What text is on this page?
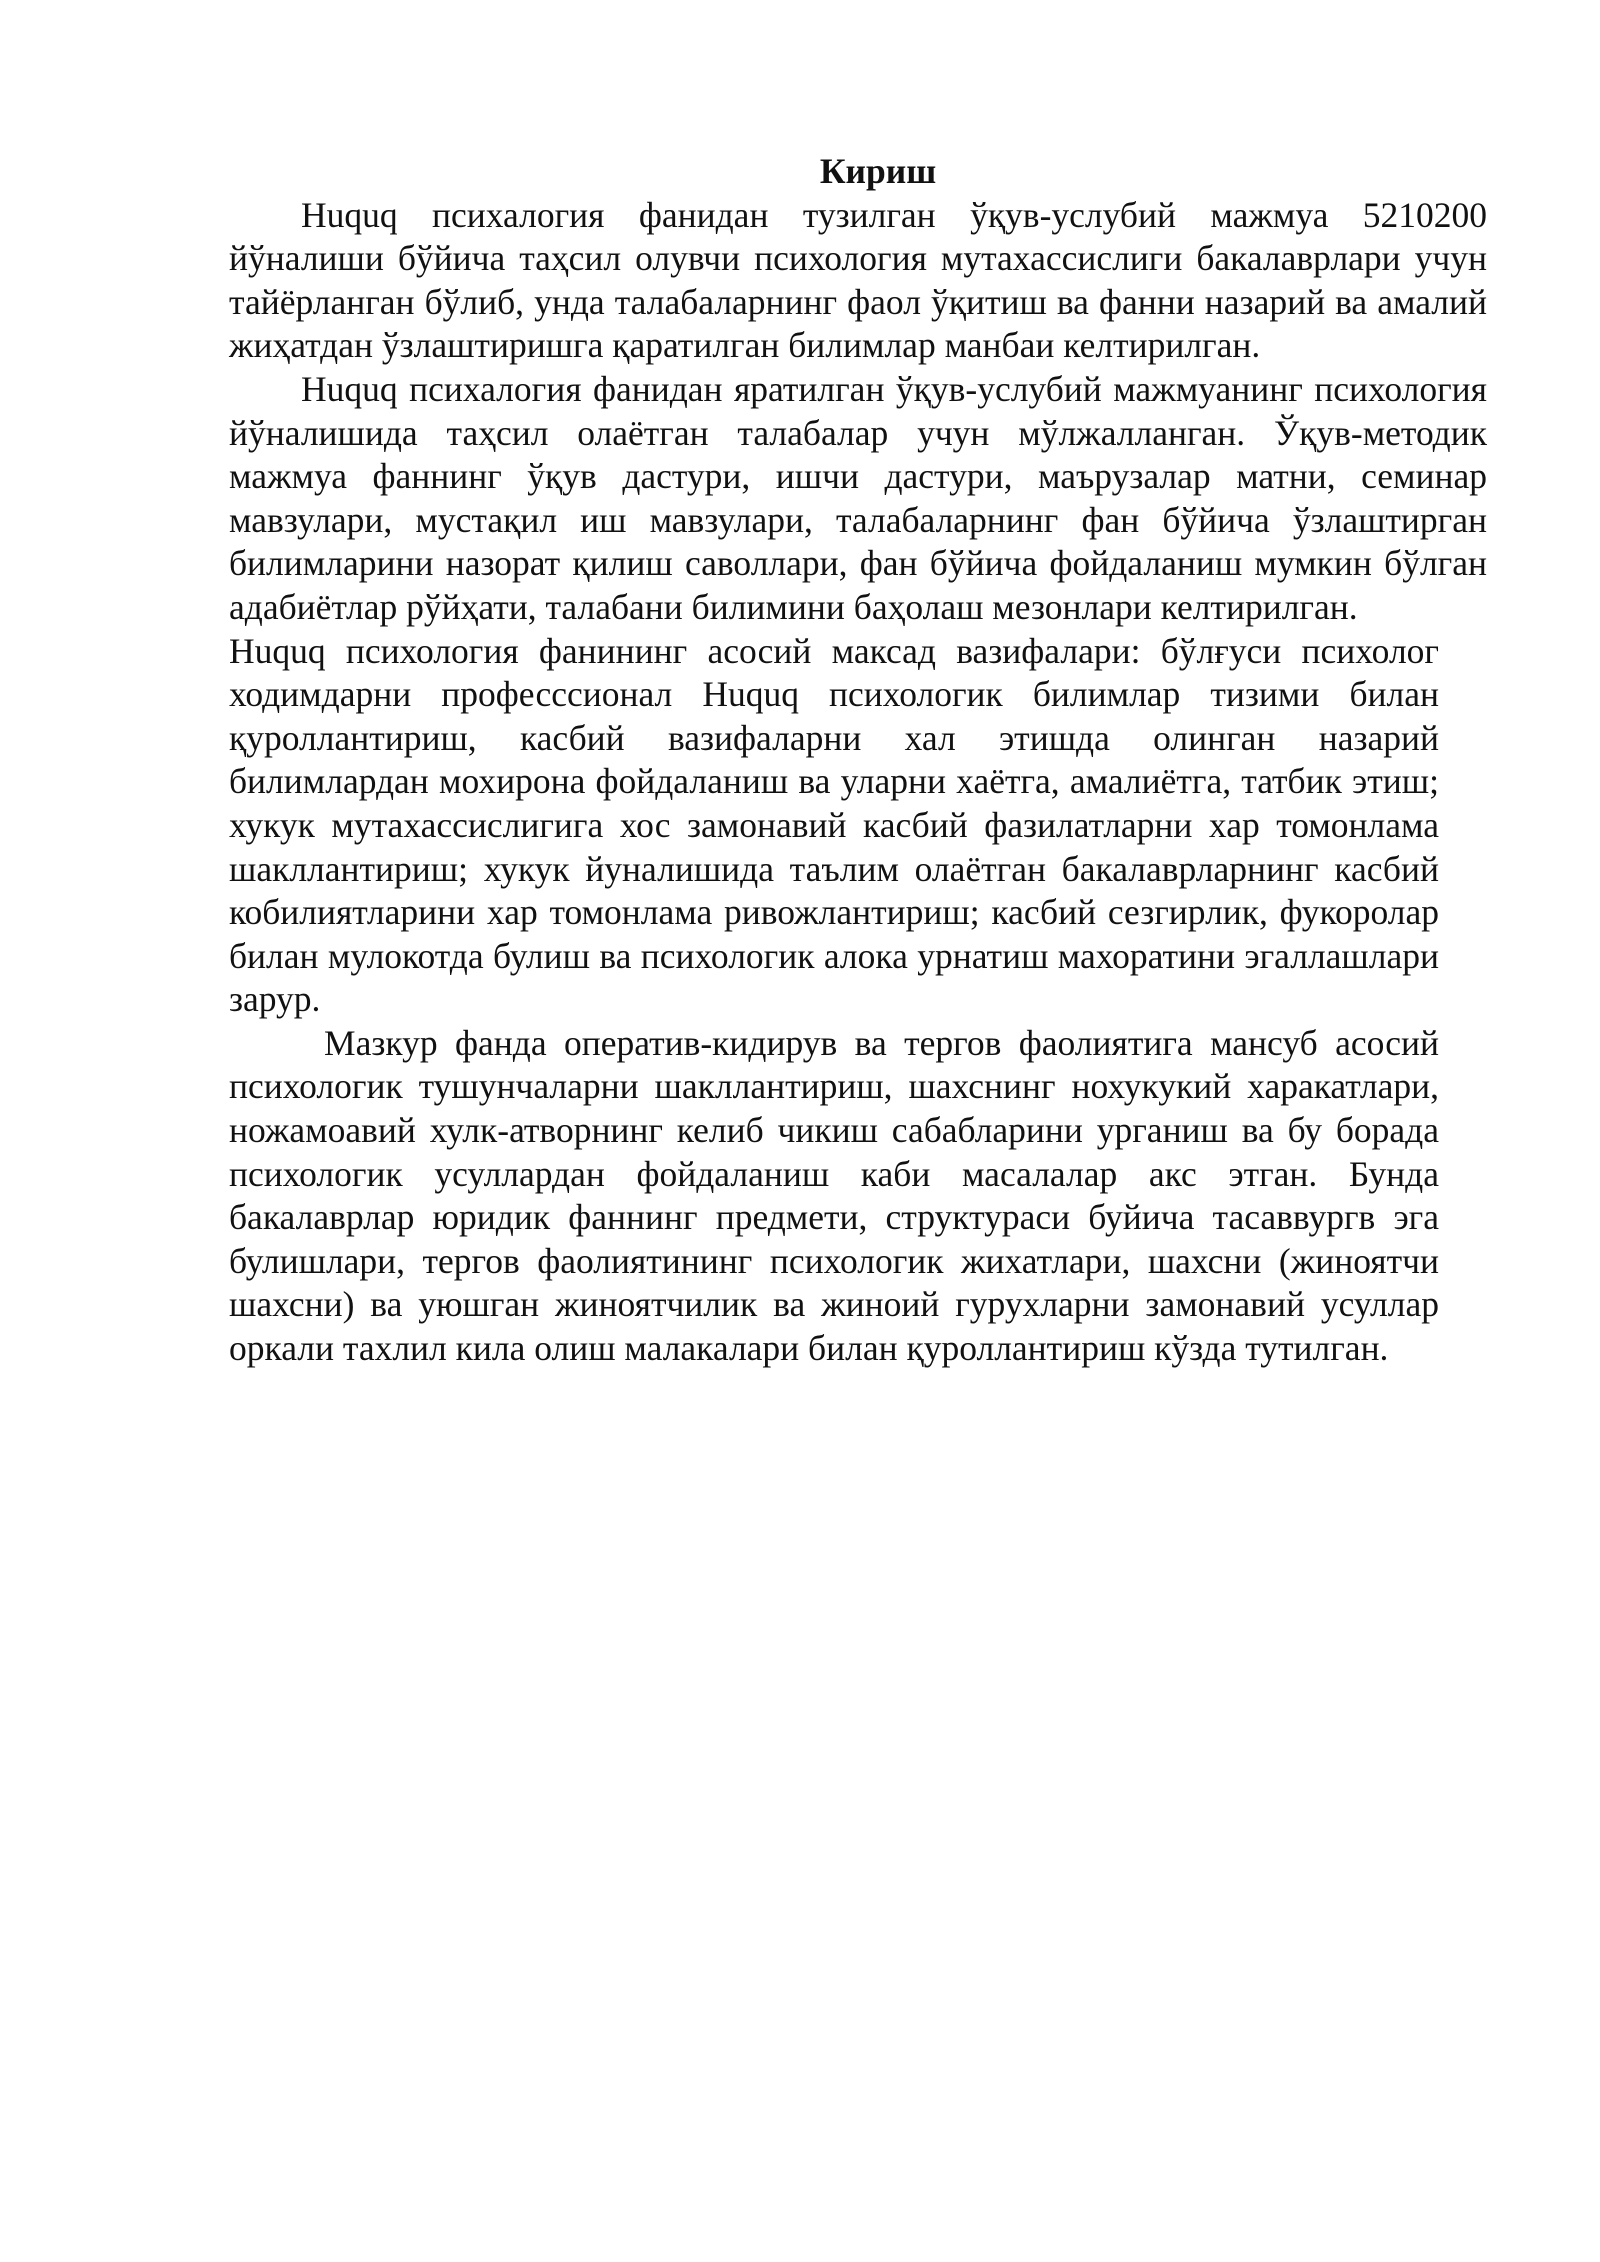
Кириш

Huquq психалогия фанидан тузилган ўқув-услубий мажмуа 5210200 йўналиши бўйича таҳсил олувчи психология мутахассислиги бакалаврлари учун тайёрланган бўлиб, унда талабаларнинг фаол ўқитиш ва фанни назарий ва амалий жиҳатдан ўзлаштиришга қаратилган билимлар манбаи келтирилган.

Huquq психалогия фанидан яратилган ўқув-услубий мажмуанинг психология йўналишида таҳсил олаётган талабалар учун мўлжалланган. Ўқув-методик мажмуа фаннинг ўқув дастури, ишчи дастури, маърузалар матни, семинар мавзулари, мустақил иш мавзулари, талабаларнинг фан бўйича ўзлаштирган билимларини назорат қилиш саволлари, фан бўйича фойдаланиш мумкин бўлган адабиётлар рўйҳати, талабани билимини баҳолаш мезонлари келтирилган.

Huquq психология фанининг асосий максад вазифалари: бўлғуси психолог ходимдарни професссионал Huquq психологик билимлар тизими билан қуроллантириш, касбий вазифаларни хал этишда олинган назарий билимлардан мохирона фойдаланиш ва уларни хаётга, амалиётга, татбик этиш; хукук мутахассислигига хос замонавий касбий фазилатларни хар томонлама шакллантириш; хукук йуналишида таълим олаётган бакалаврларнинг касбий кобилиятларини хар томонлама ривожлантириш; касбий сезгирлик, фукоролар билан мулокотда булиш ва психологик алока урнатиш махоратини эгаллашлари зарур.

Мазкур фанда оператив-кидирув ва тергов фаолиятига мансуб асосий психологик тушунчаларни шакллантириш, шахснинг нохукукий харакатлари, ножамоавий хулк-атворнинг келиб чикиш сабабларини урганиш ва бу борада психологик усуллардан фойдаланиш каби масалалар акс этган. Бунда бакалаврлар юридик фаннинг предмети, структураси буйича тасаввургв эга булишлари, тергов фаолиятининг психологик жихатлари, шахсни (жиноятчи шахсни) ва уюшган жиноятчилик ва жиноий гурухларни замонавий усуллар оркали тахлил кила олиш малакалари билан қуроллантириш кўзда тутилган.
